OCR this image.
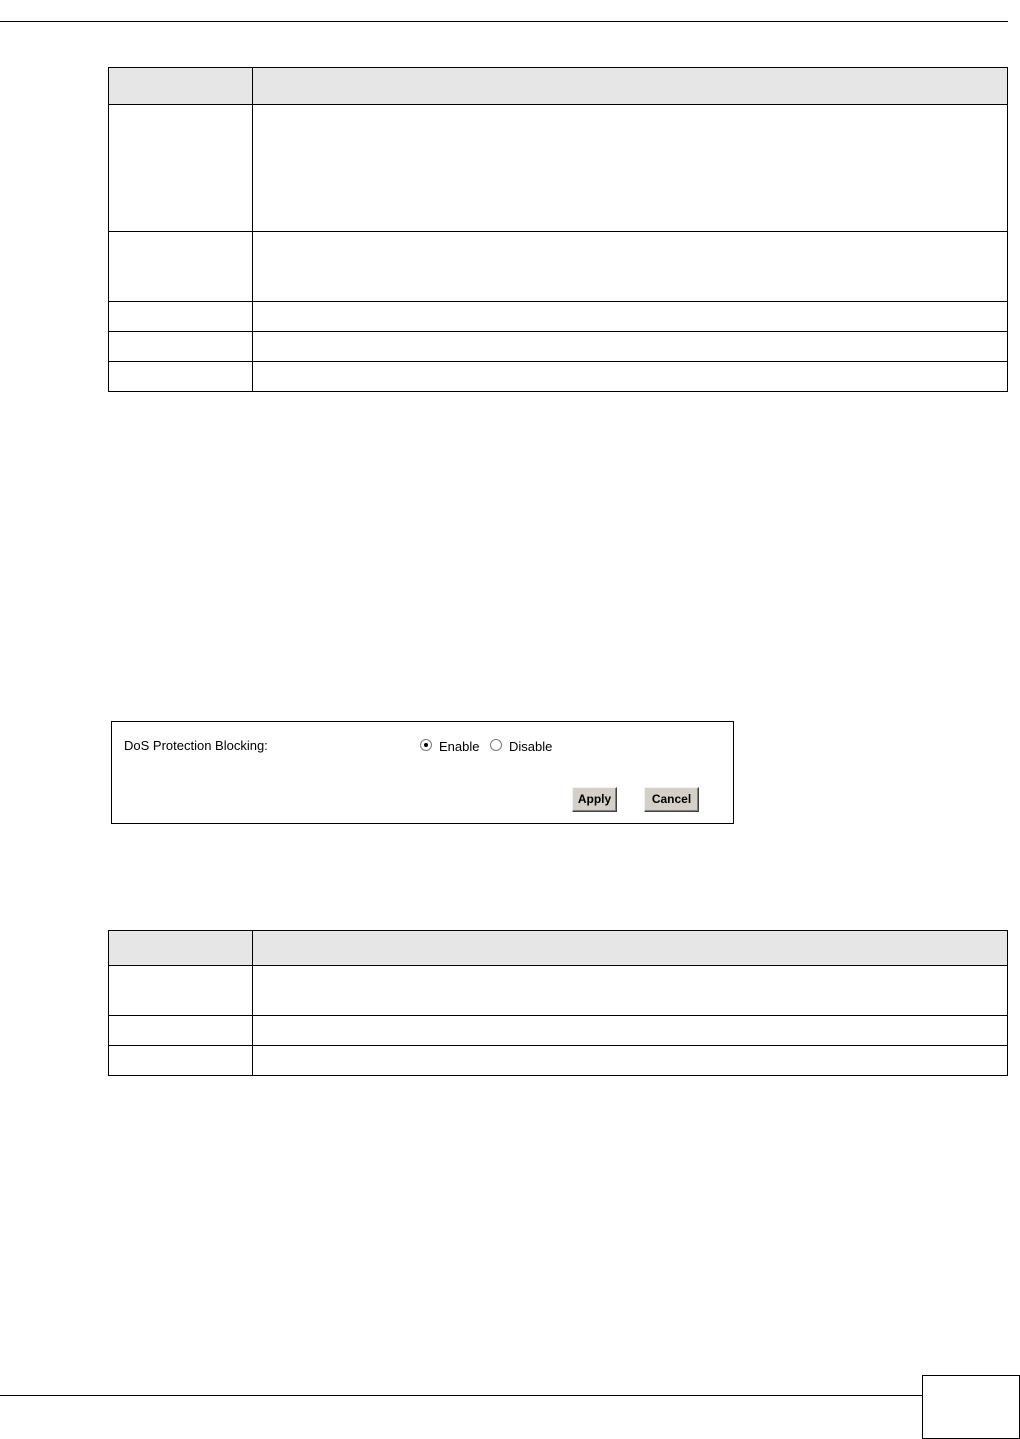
DoS Protection Blocking:	Enable Disable
Apply	Cancel
